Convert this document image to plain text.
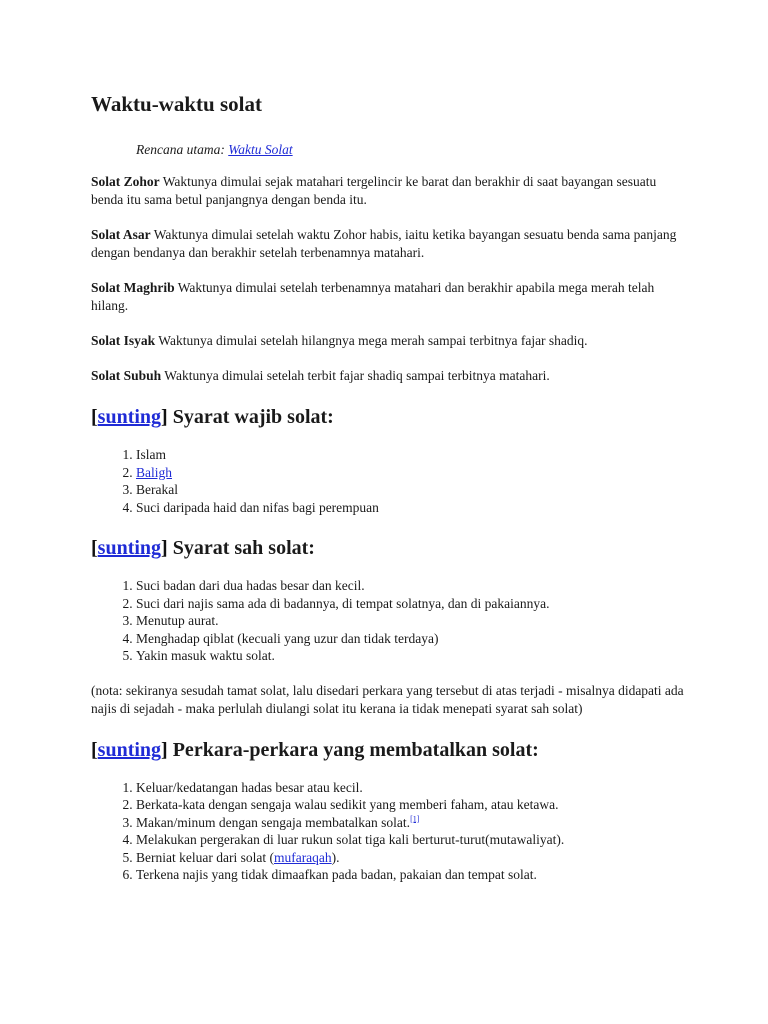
Waktu-waktu solat
Rencana utama: Waktu Solat

Solat Zohor Waktunya dimulai sejak matahari tergelincir ke barat dan berakhir di saat bayangan sesuatu benda itu sama betul panjangnya dengan benda itu.

Solat Asar Waktunya dimulai setelah waktu Zohor habis, iaitu ketika bayangan sesuatu benda sama panjang dengan bendanya dan berakhir setelah terbenamnya matahari.

Solat Maghrib Waktunya dimulai setelah terbenamnya matahari dan berakhir apabila mega merah telah hilang.

Solat Isyak Waktunya dimulai setelah hilangnya mega merah sampai terbitnya fajar shadiq.

Solat Subuh Waktunya dimulai setelah terbit fajar shadiq sampai terbitnya matahari.

[sunting] Syarat wajib solat:
1. Islam
2. Baligh
3. Berakal
4. Suci daripada haid dan nifas bagi perempuan
[sunting] Syarat sah solat:
1. Suci badan dari dua hadas besar dan kecil.
2. Suci dari najis sama ada di badannya, di tempat solatnya, dan di pakaiannya.
3. Menutup aurat.
4. Menghadap qiblat (kecuali yang uzur dan tidak terdaya)
5. Yakin masuk waktu solat.

(nota: sekiranya sesudah tamat solat, lalu disedari perkara yang tersebut di atas terjadi - misalnya didapati ada najis di sejadah - maka perlulah diulangi solat itu kerana ia tidak menepati syarat sah solat)

[sunting] Perkara-perkara yang membatalkan solat:
1. Keluar/kedatangan hadas besar atau kecil.
2. Berkata-kata dengan sengaja walau sedikit yang memberi faham, atau ketawa.
3. Makan/minum dengan sengaja membatalkan solat.[1]
4. Melakukan pergerakan di luar rukun solat tiga kali berturut-turut(mutawaliyat).
5. Berniat keluar dari solat (mufaraqah).
6. Terkena najis yang tidak dimaafkan pada badan, pakaian dan tempat solat.
